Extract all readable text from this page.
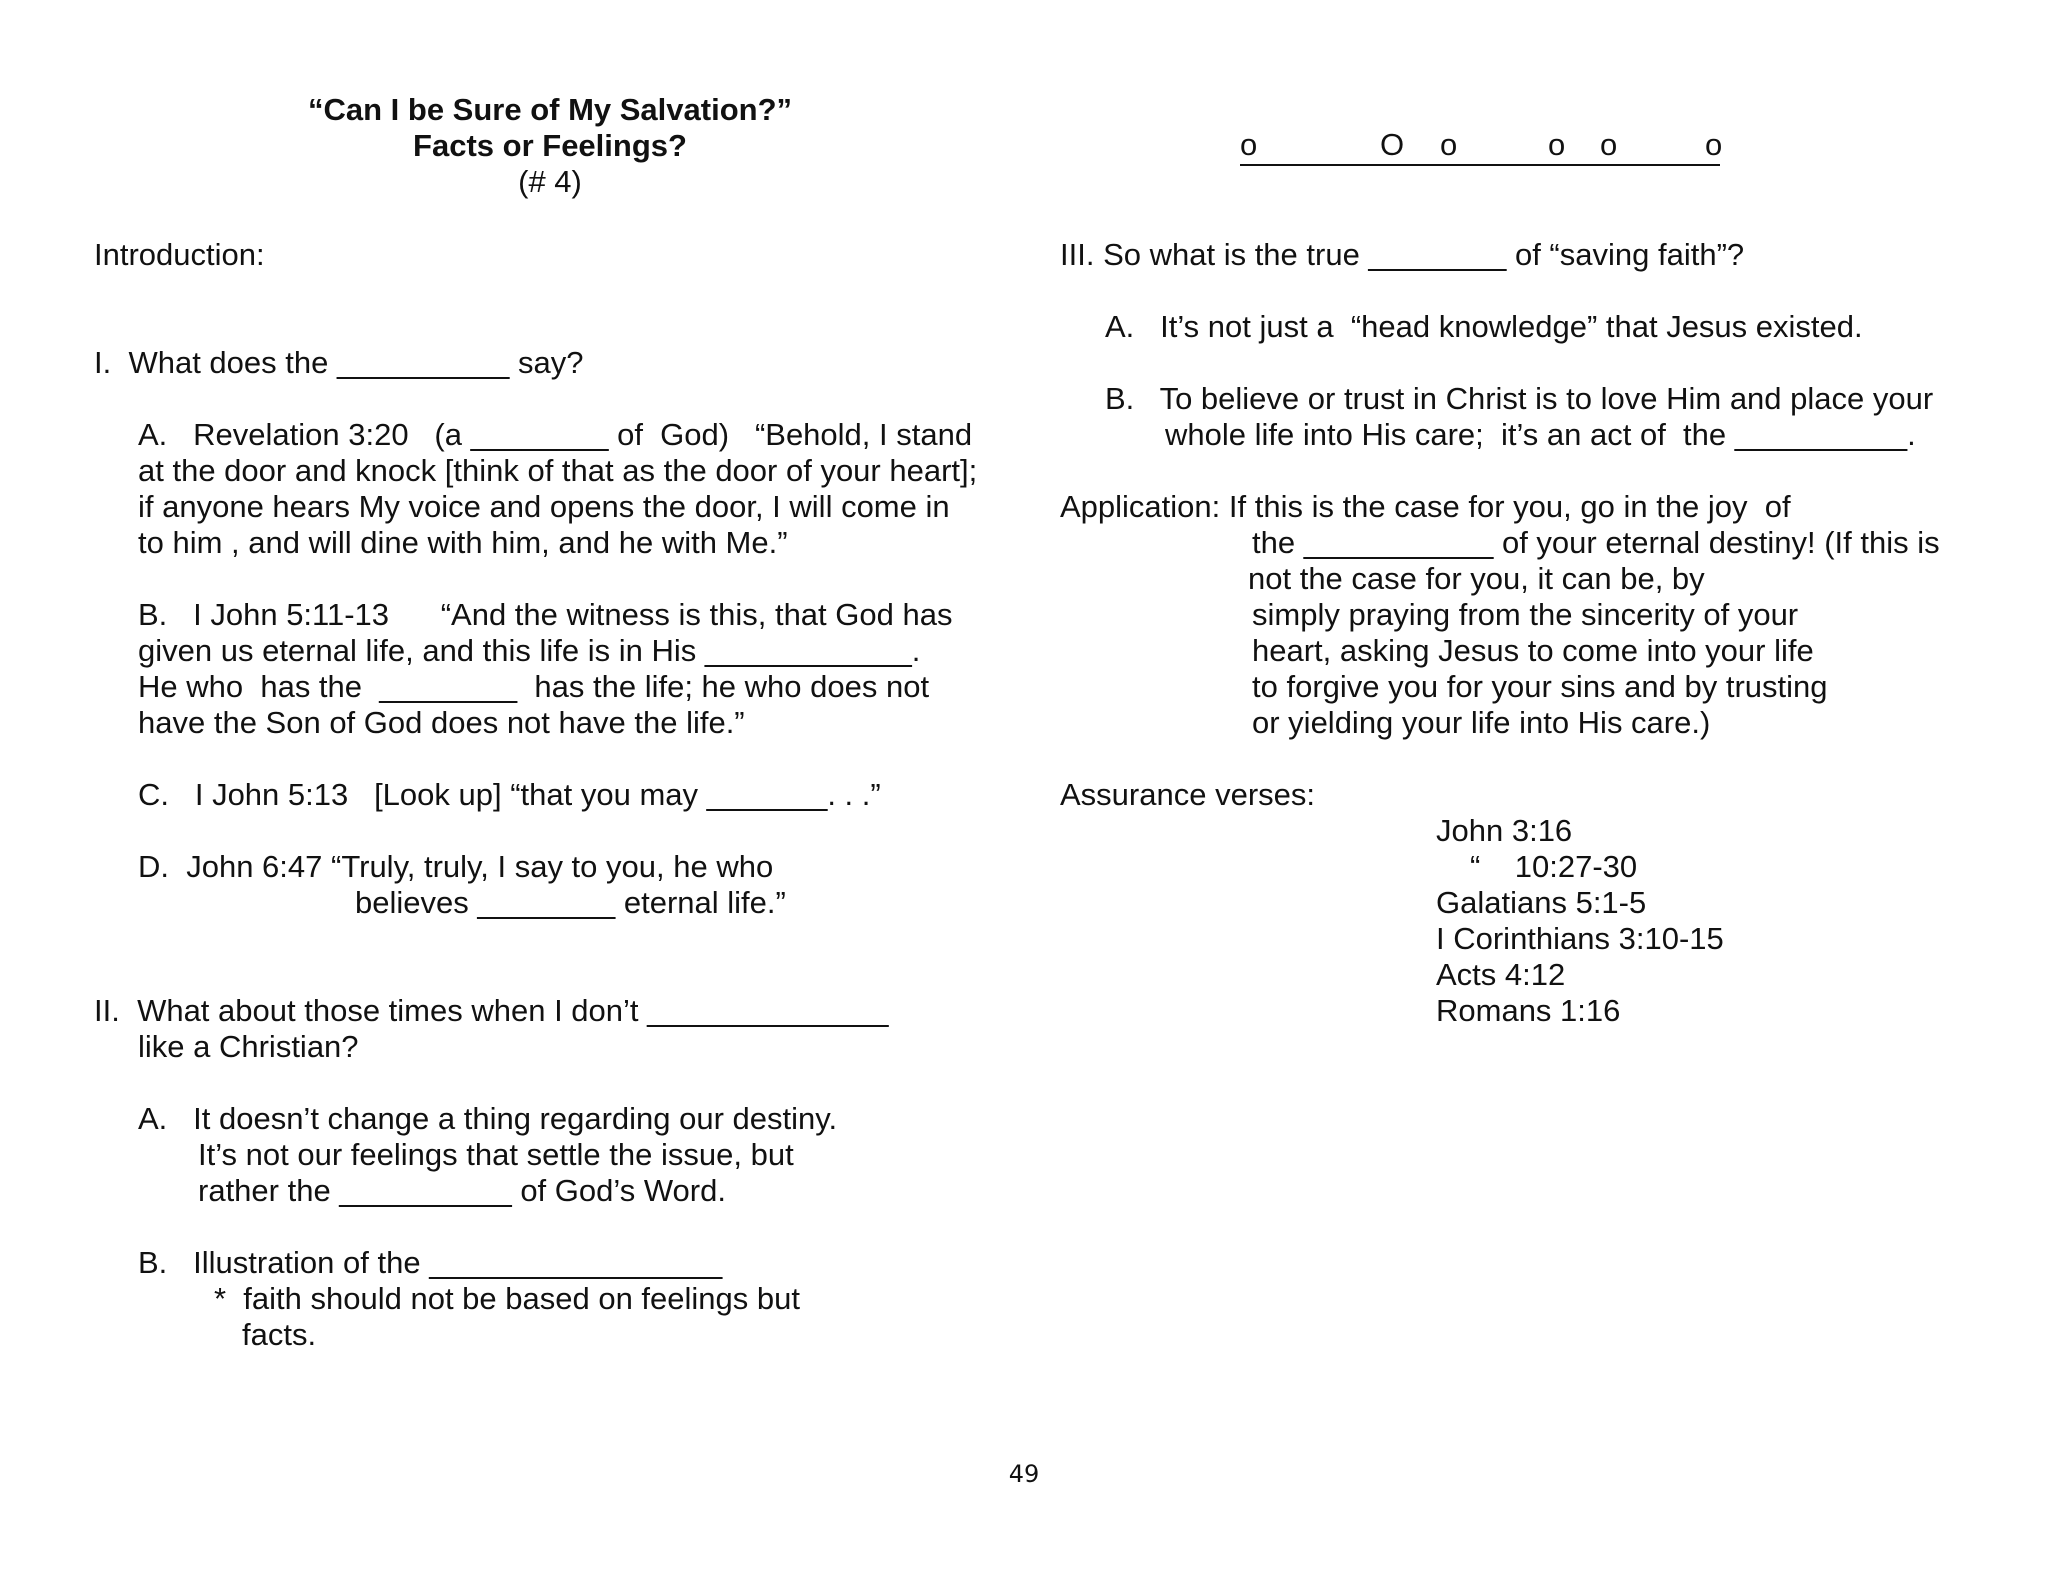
“Can I be Sure of My Salvation?”
Facts or Feelings?
(# 4)
o	O o	o o	o
Introduction:
I.  What does the __________ say?
A.   Revelation 3:20   (a ________ of  God)   “Behold, I stand
at the door and knock [think of that as the door of your heart];
if anyone hears My voice and opens the door, I will come in
to him , and will dine with him, and he with Me.”
B.   I John 5:11-13      “And the witness is this, that God has
given us eternal life, and this life is in His ____________.
He who  has the  ________  has the life; he who does not
have the Son of God does not have the life.”
C.   I John 5:13   [Look up] “that you may _______. . .”
D.  John 6:47 “Truly, truly, I say to you, he who
believes ________ eternal life.”
II.  What about those times when I don’t ______________
like a Christian?
A.   It doesn’t change a thing regarding our destiny.
It’s not our feelings that settle the issue, but
rather the __________ of God’s Word.
B.   Illustration of the _________________
*  faith should not be based on feelings but
facts.
III. So what is the true ________ of “saving faith”?
A.   It’s not just a  “head knowledge” that Jesus existed.
B.   To believe or trust in Christ is to love Him and place your
whole life into His care;  it’s an act of  the __________.
Application: If this is the case for you, go in the joy  of
the ___________ of your eternal destiny! (If this is
not the case for you, it can be, by
simply praying from the sincerity of your
heart, asking Jesus to come into your life
to forgive you for your sins and by trusting
or yielding your life into His care.)
Assurance verses:
John 3:16
“    10:27-30
Galatians 5:1-5
I Corinthians 3:10-15
Acts 4:12
Romans 1:16
49
